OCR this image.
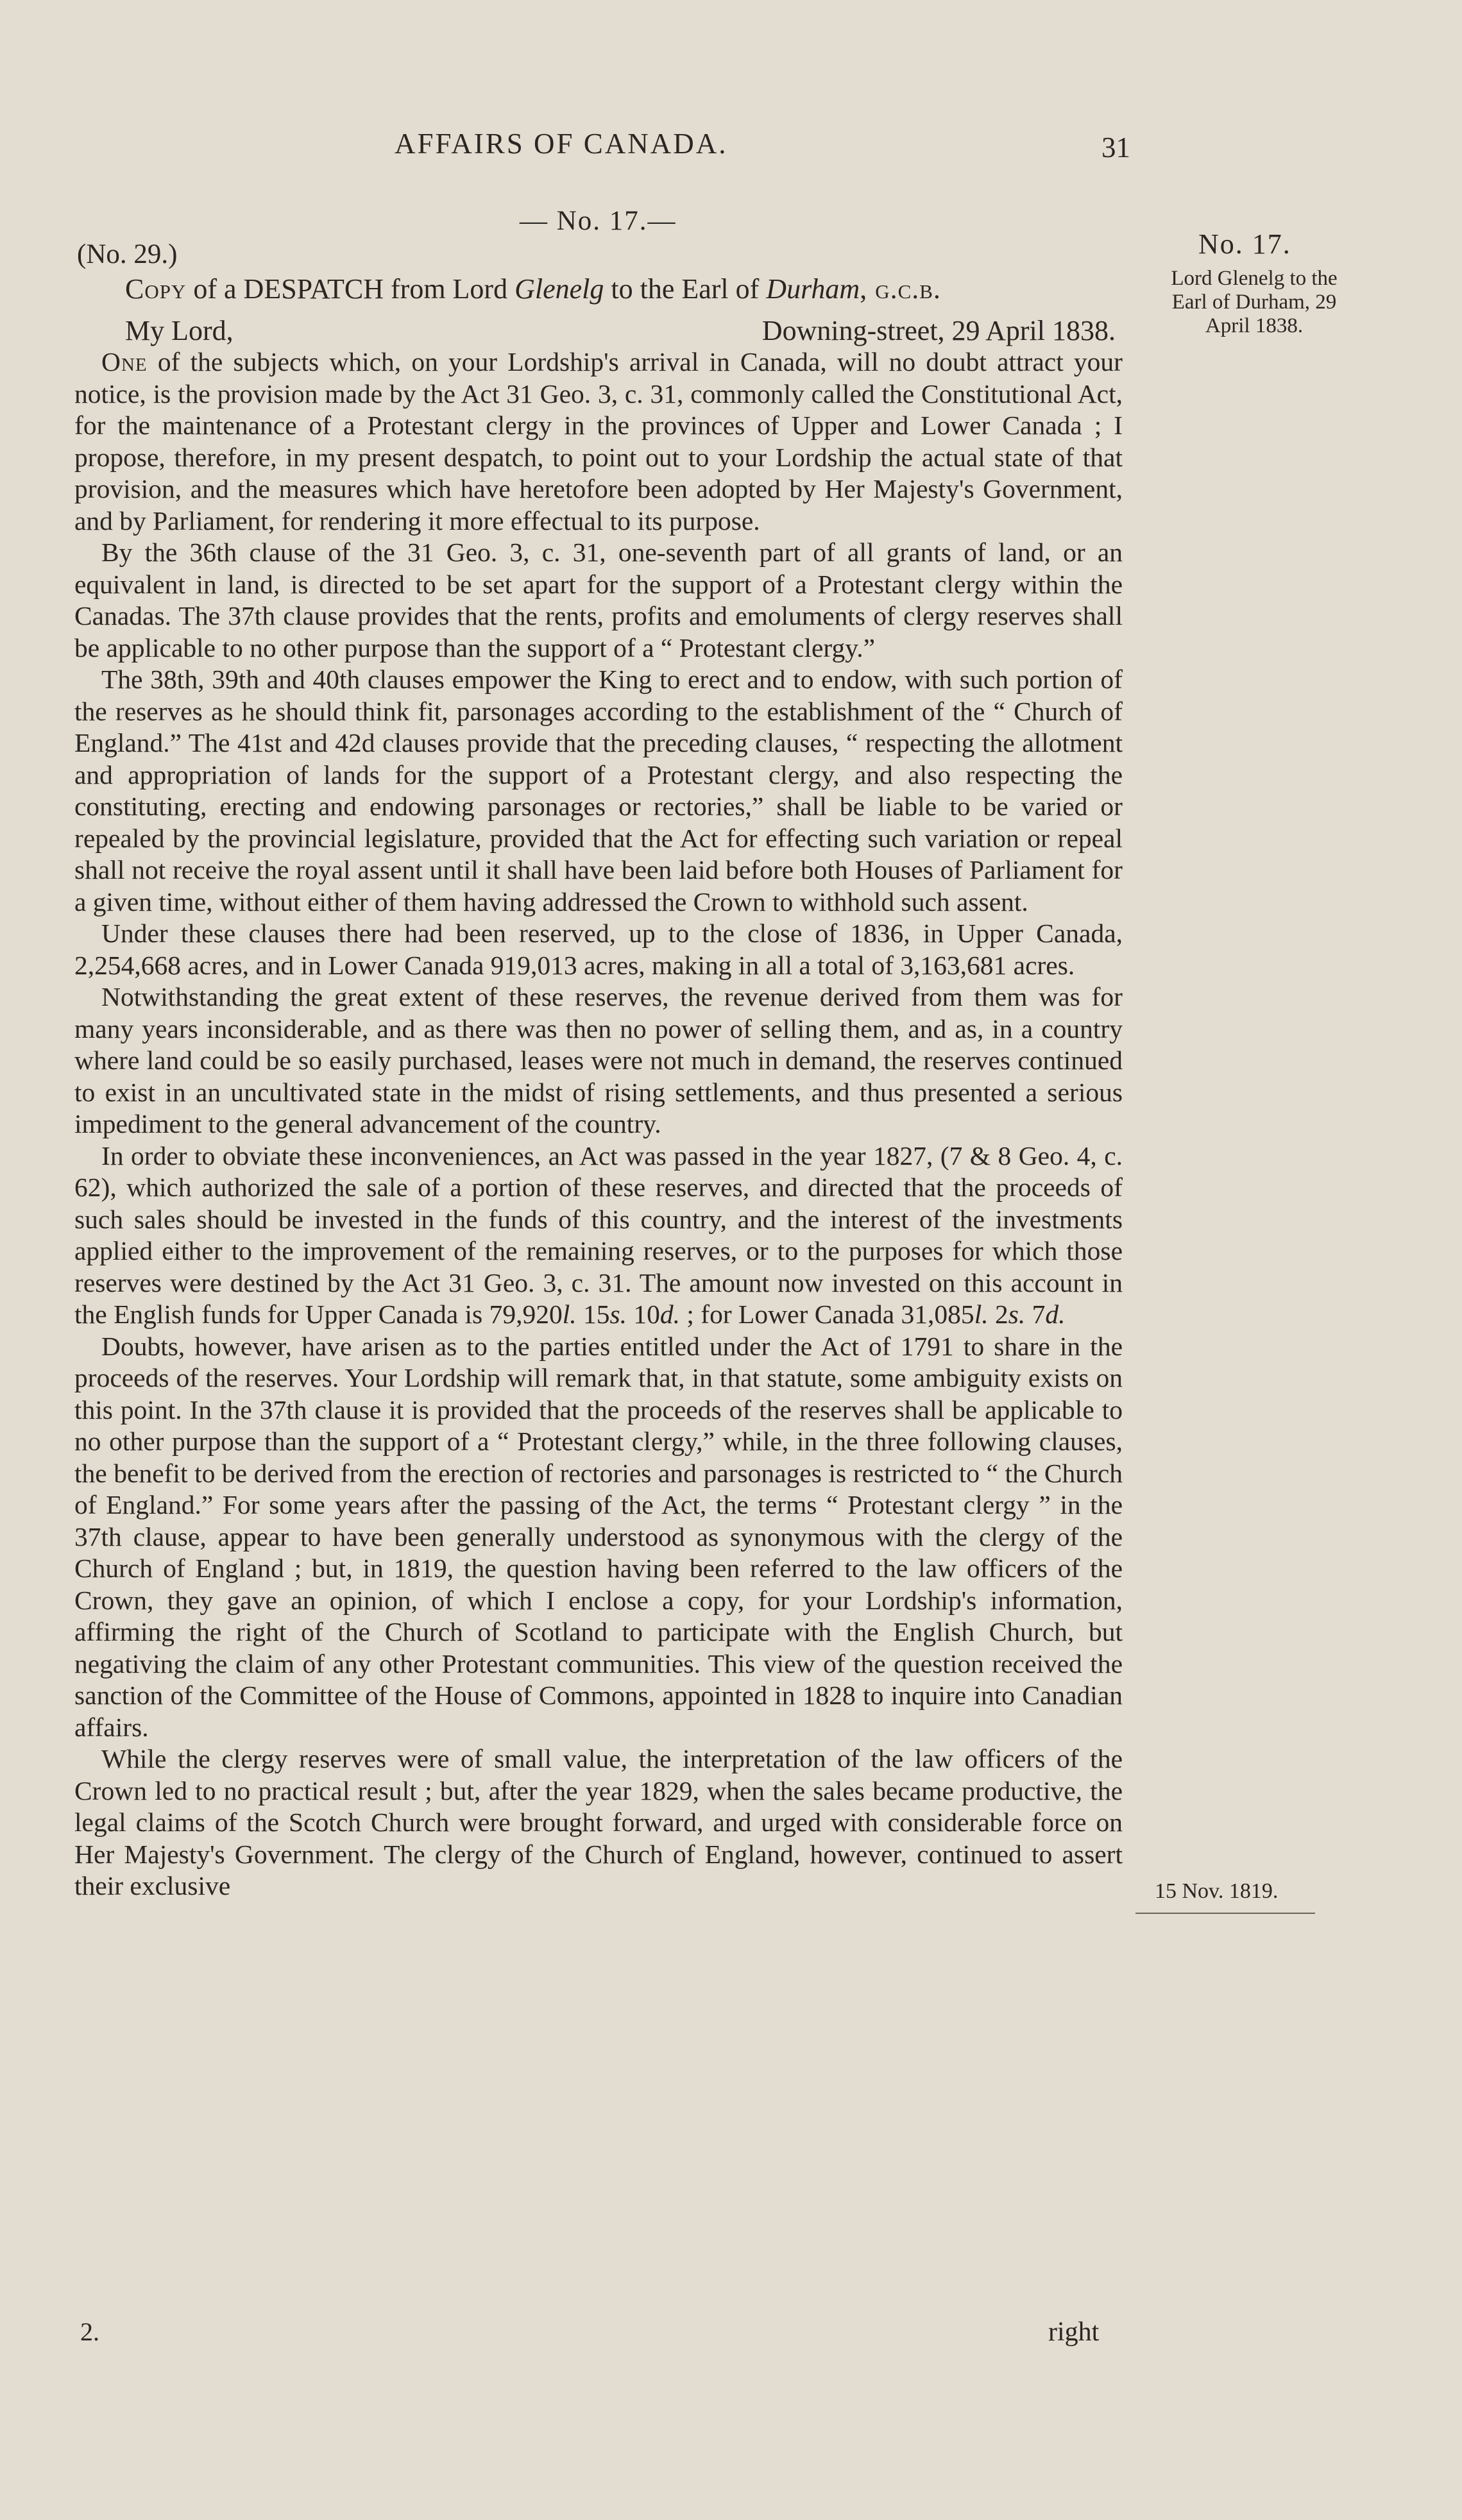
AFFAIRS OF CANADA.	31
— No. 17.—
(No. 29.)
Copy of a DESPATCH from Lord Glenelg to the Earl of Durham, g.c.b.
My Lord,	Downing-street, 29 April 1838.

One of the subjects which, on your Lordship's arrival in Canada, will no doubt attract your notice, is the provision made by the Act 31 Geo. 3, c. 31, commonly called the Constitutional Act, for the maintenance of a Protestant clergy in the provinces of Upper and Lower Canada ; I propose, therefore, in my present despatch, to point out to your Lordship the actual state of that provision, and the measures which have heretofore been adopted by Her Majesty's Government, and by Parliament, for rendering it more effectual to its purpose.

By the 36th clause of the 31 Geo. 3, c. 31, one-seventh part of all grants of land, or an equivalent in land, is directed to be set apart for the support of a Protestant clergy within the Canadas. The 37th clause provides that the rents, profits and emoluments of clergy reserves shall be applicable to no other purpose than the support of a “ Protestant clergy.”

The 38th, 39th and 40th clauses empower the King to erect and to endow, with such portion of the reserves as he should think fit, parsonages according to the establishment of the “ Church of England.” The 41st and 42d clauses provide that the preceding clauses, “ respecting the allotment and appropriation of lands for the support of a Protestant clergy, and also respecting the constituting, erecting and endowing parsonages or rectories,” shall be liable to be varied or repealed by the provincial legislature, provided that the Act for effecting such variation or repeal shall not receive the royal assent until it shall have been laid before both Houses of Parliament for a given time, without either of them having addressed the Crown to withhold such assent.

Under these clauses there had been reserved, up to the close of 1836, in Upper Canada, 2,254,668 acres, and in Lower Canada 919,013 acres, making in all a total of 3,163,681 acres.

Notwithstanding the great extent of these reserves, the revenue derived from them was for many years inconsiderable, and as there was then no power of selling them, and as, in a country where land could be so easily purchased, leases were not much in demand, the reserves continued to exist in an uncultivated state in the midst of rising settlements, and thus presented a serious impediment to the general advancement of the country.

In order to obviate these inconveniences, an Act was passed in the year 1827, (7 & 8 Geo. 4, c. 62), which authorized the sale of a portion of these reserves, and directed that the proceeds of such sales should be invested in the funds of this country, and the interest of the investments applied either to the improvement of the remaining reserves, or to the purposes for which those reserves were destined by the Act 31 Geo. 3, c. 31. The amount now invested on this account in the English funds for Upper Canada is 79,920l. 15s. 10d. ; for Lower Canada 31,085l. 2s. 7d.

Doubts, however, have arisen as to the parties entitled under the Act of 1791 to share in the proceeds of the reserves. Your Lordship will remark that, in that statute, some ambiguity exists on this point. In the 37th clause it is provided that the proceeds of the reserves shall be applicable to no other purpose than the support of a “ Protestant clergy,” while, in the three following clauses, the benefit to be derived from the erection of rectories and parsonages is restricted to “ the Church of England.” For some years after the passing of the Act, the terms “ Protestant clergy ” in the 37th clause, appear to have been generally understood as synonymous with the clergy of the Church of England ; but, in 1819, the question having been referred to the law officers of the Crown, they gave an opinion, of which I enclose a copy, for your Lordship's information, affirming the right of the Church of Scotland to participate with the English Church, but negativing the claim of any other Protestant communities. This view of the question received the sanction of the Committee of the House of Commons, appointed in 1828 to inquire into Canadian affairs.

While the clergy reserves were of small value, the interpretation of the law officers of the Crown led to no practical result ; but, after the year 1829, when the sales became productive, the legal claims of the Scotch Church were brought forward, and urged with considerable force on Her Majesty's Government. The clergy of the Church of England, however, continued to assert their exclusive

No. 17.
Lord Glenelg to the Earl of Durham, 29 April 1838.
15 Nov. 1819.
2.	right
